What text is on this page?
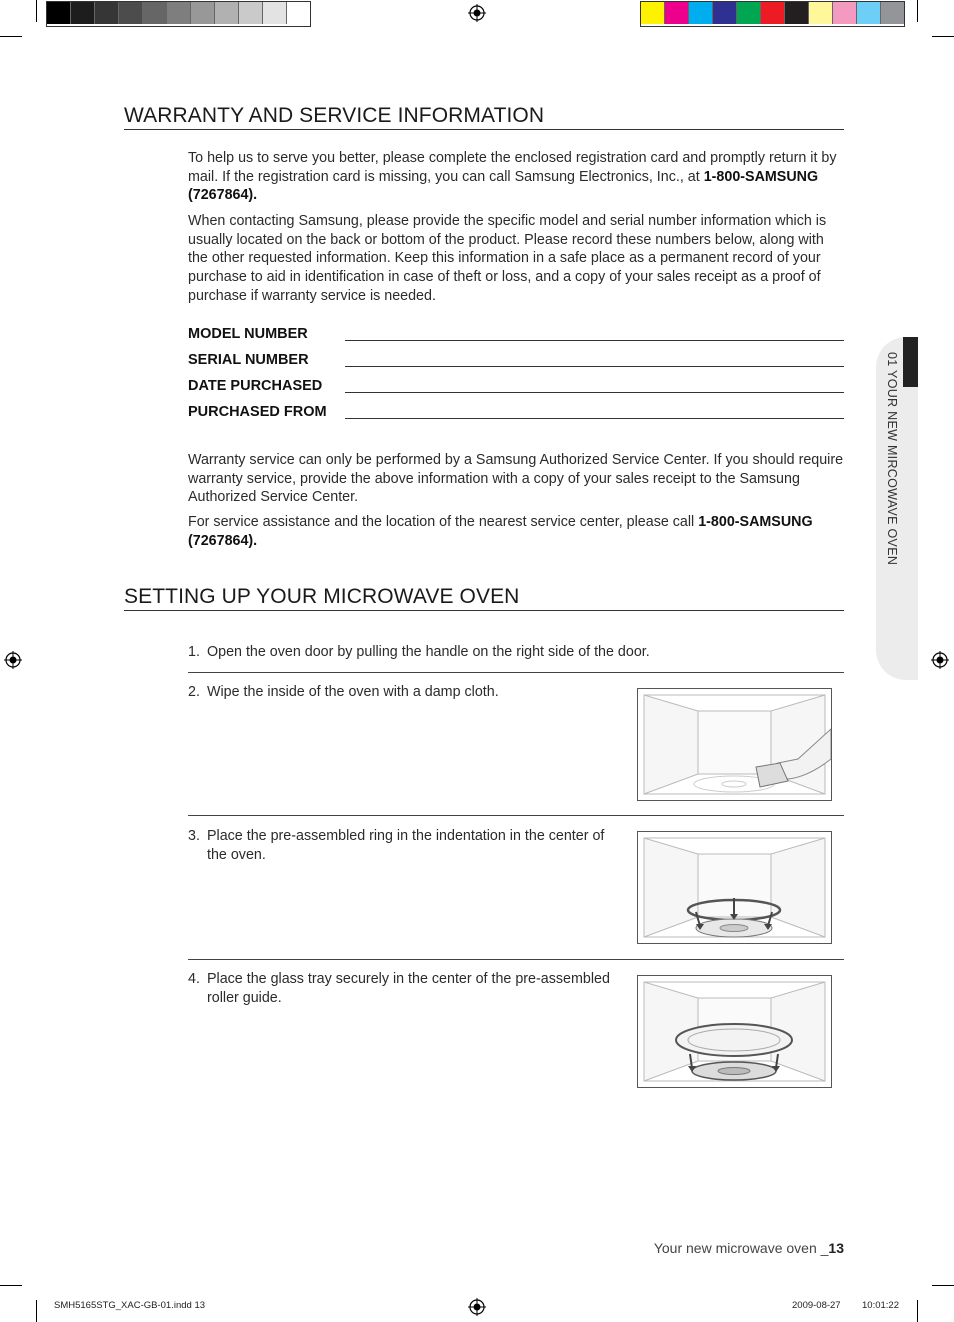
01 YOUR NEW MIRCOWAVE OVEN
WARRANTY AND SERVICE INFORMATION
To help us to serve you better, please complete the enclosed registration card and promptly return it by mail. If the registration card is missing, you can call Samsung Electronics, Inc., at 1-800-SAMSUNG (7267864).
When contacting Samsung, please provide the specific model and serial number information which is usually located on the back or bottom of the product. Please record these numbers below, along with the other requested information. Keep this information in a safe place as a permanent record of your purchase to aid in identification in case of theft or loss, and a copy of your sales receipt as a proof of purchase if warranty service is needed.
MODEL NUMBER
SERIAL NUMBER
DATE PURCHASED
PURCHASED FROM
Warranty service can only be performed by a Samsung Authorized Service Center. If you should require warranty service, provide the above information with a copy of your sales receipt to the Samsung Authorized Service Center.
For service assistance and the location of the nearest service center, please call 1-800-SAMSUNG (7267864).
SETTING UP YOUR MICROWAVE OVEN
1. Open the oven door by pulling the handle on the right side of the door.
2. Wipe the inside of the oven with a damp cloth.
3. Place the pre-assembled ring in the indentation in the center of the oven.
4. Place the glass tray securely in the center of the pre-assembled roller guide.
Your new microwave oven _13
SMH5165STG_XAC-GB-01.indd 13	2009-08-27 10:01:22
